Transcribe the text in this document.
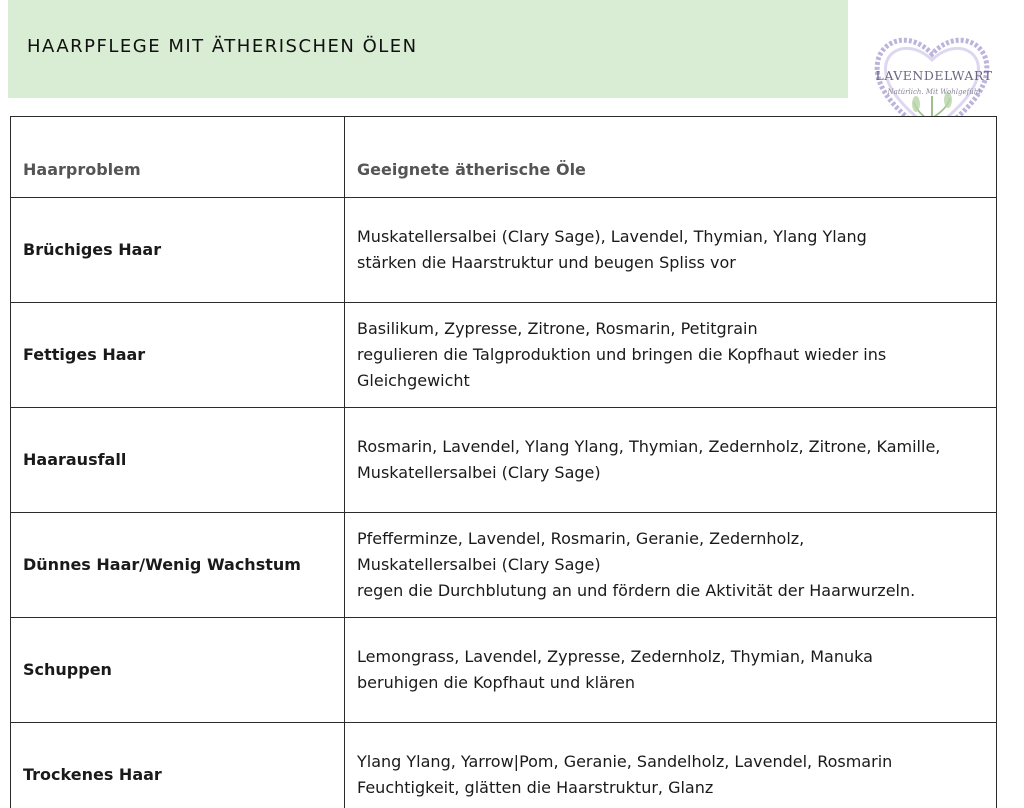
HAARPFLEGE MIT ÄTHERISCHEN ÖLEN
LAVENDELWART
Natürlich. Mit Wohlgefühl
Haarproblem	Geeignete ätherische Öle
Brüchiges Haar	Muskatellersalbei (Clary Sage), Lavendel, Thymian, Ylang Ylang
stärken die Haarstruktur und beugen Spliss vor

Fettiges Haar	Basilikum, Zypresse, Zitrone, Rosmarin, Petitgrain
regulieren die Talgproduktion und bringen die Kopfhaut wieder ins
Gleichgewicht

Haarausfall	Rosmarin, Lavendel, Ylang Ylang, Thymian, Zedernholz, Zitrone, Kamille,
Muskatellersalbei (Clary Sage)

Dünnes Haar/Wenig Wachstum	Pfefferminze, Lavendel, Rosmarin, Geranie, Zedernholz,
Muskatellersalbei (Clary Sage)
regen die Durchblutung an und fördern die Aktivität der Haarwurzeln.

Schuppen	Lemongrass, Lavendel, Zypresse, Zedernholz, Thymian, Manuka
beruhigen die Kopfhaut und klären

Trockenes Haar	Ylang Ylang, Yarrow|Pom, Geranie, Sandelholz, Lavendel, Rosmarin
Feuchtigkeit, glätten die Haarstruktur, Glanz
